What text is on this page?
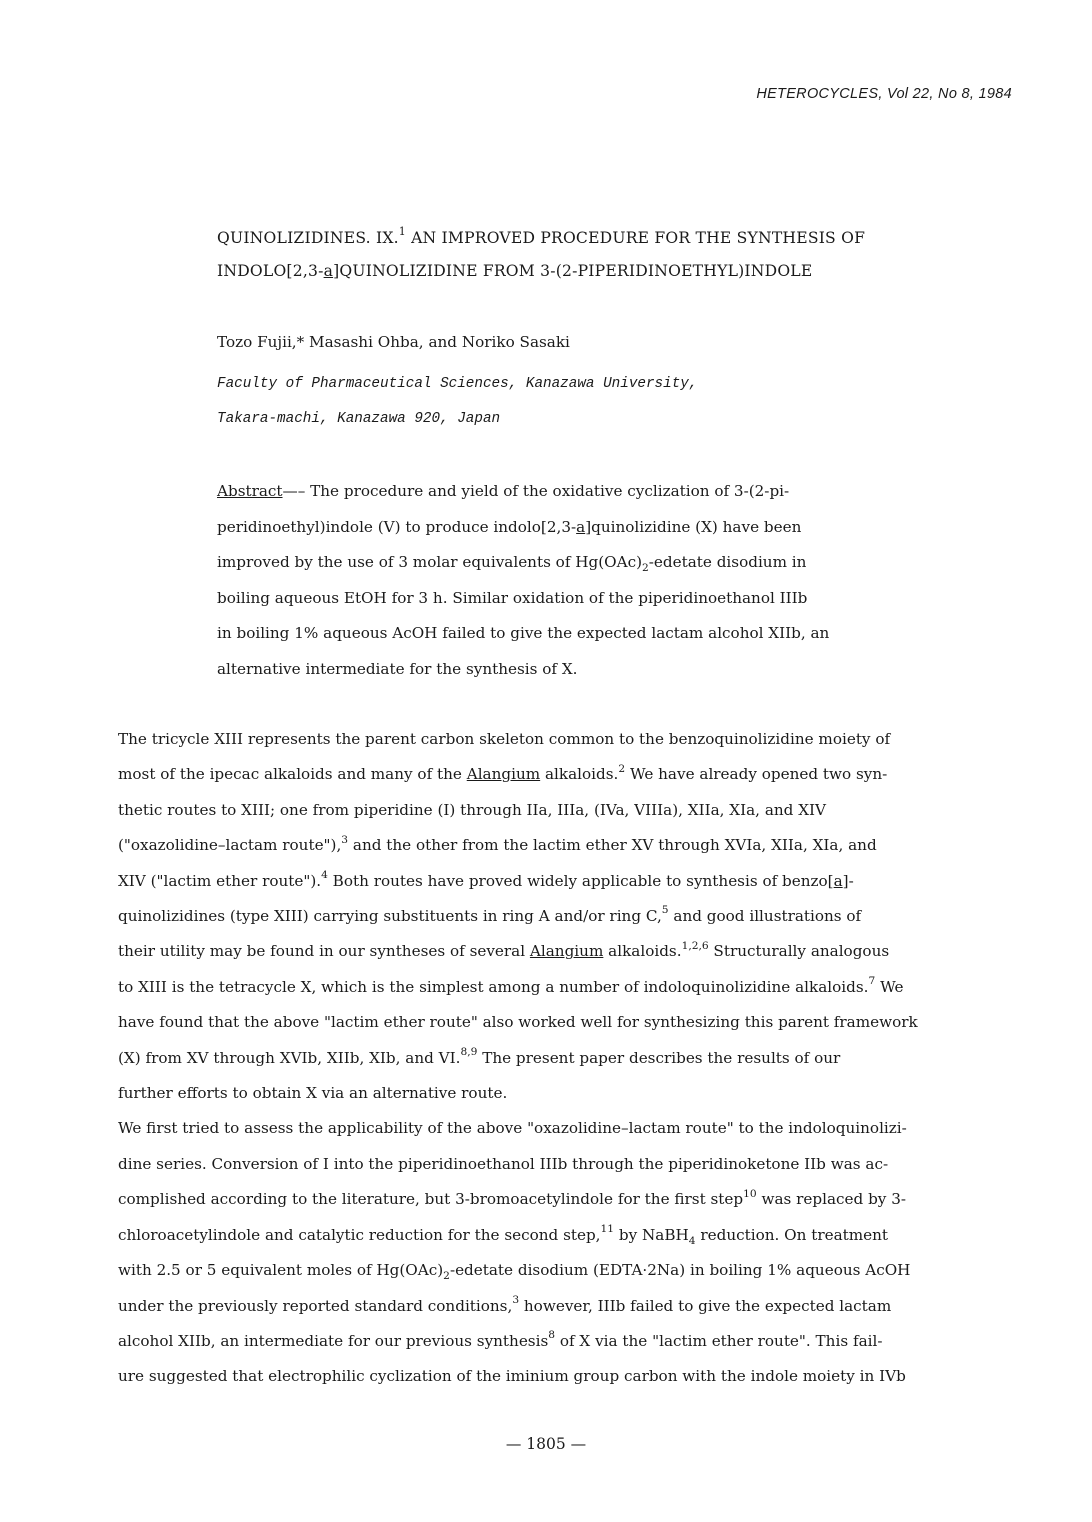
HETEROCYCLES, Vol 22, No 8, 1984
QUINOLIZIDINES. IX.$^1$ AN IMPROVED PROCEDURE FOR THE SYNTHESIS OF
INDOLO[2,3-a]QUINOLIZIDINE FROM 3-(2-PIPERIDINOETHYL)INDOLE
Tozo Fujii,* Masashi Ohba, and Noriko Sasaki
Faculty of Pharmaceutical Sciences, Kanazawa University,
Takara-machi, Kanazawa 920, Japan
Abstract—– The procedure and yield of the oxidative cyclization of 3-(2-pi-
peridinoethyl)indole (V) to produce indolo[2,3-a]quinolizidine (X) have been
improved by the use of 3 molar equivalents of $Hg(OAc)_2$-edetate disodium in
boiling aqueous EtOH for 3 h. Similar oxidation of the piperidinoethanol IIIb
in boiling 1% aqueous AcOH failed to give the expected lactam alcohol XIIb, an
alternative intermediate for the synthesis of X.
The tricycle XIII represents the parent carbon skeleton common to the benzoquinolizidine moiety of
most of the ipecac alkaloids and many of the Alangium alkaloids.$^2$ We have already opened two syn-
thetic routes to XIII; one from piperidine (I) through IIa, IIIa, (IVa, VIIIa), XIIa, XIa, and XIV
("oxazolidine–lactam route"),$^3$ and the other from the lactim ether XV through XVIa, XIIa, XIa, and
XIV ("lactim ether route").$^4$ Both routes have proved widely applicable to synthesis of benzo[a]-
quinolizidines (type XIII) carrying substituents in ring A and/or ring C,$^5$ and good illustrations of
their utility may be found in our syntheses of several Alangium alkaloids.$^{1,2,6}$ Structurally analogous
to XIII is the tetracycle X, which is the simplest among a number of indoloquinolizidine alkaloids.$^7$ We
have found that the above "lactim ether route" also worked well for synthesizing this parent framework
(X) from XV through XVIb, XIIb, XIb, and VI.$^{8,9}$ The present paper describes the results of our
further efforts to obtain X via an alternative route.
We first tried to assess the applicability of the above "oxazolidine–lactam route" to the indoloquinolizi-
dine series. Conversion of I into the piperidinoethanol IIIb through the piperidinoketone IIb was ac-
complished according to the literature, but 3-bromoacetylindole for the first step$^{10}$ was replaced by 3-
chloroacetylindole and catalytic reduction for the second step,$^{11}$ by NaBH$_4$ reduction. On treatment
with 2.5 or 5 equivalent moles of $Hg(OAc)_2$-edetate disodium (EDTA·2Na) in boiling 1% aqueous AcOH
under the previously reported standard conditions,$^3$ however, IIIb failed to give the expected lactam
alcohol XIIb, an intermediate for our previous synthesis$^8$ of X via the "lactim ether route". This fail-
ure suggested that electrophilic cyclization of the iminium group carbon with the indole moiety in IVb
— 1805 —
